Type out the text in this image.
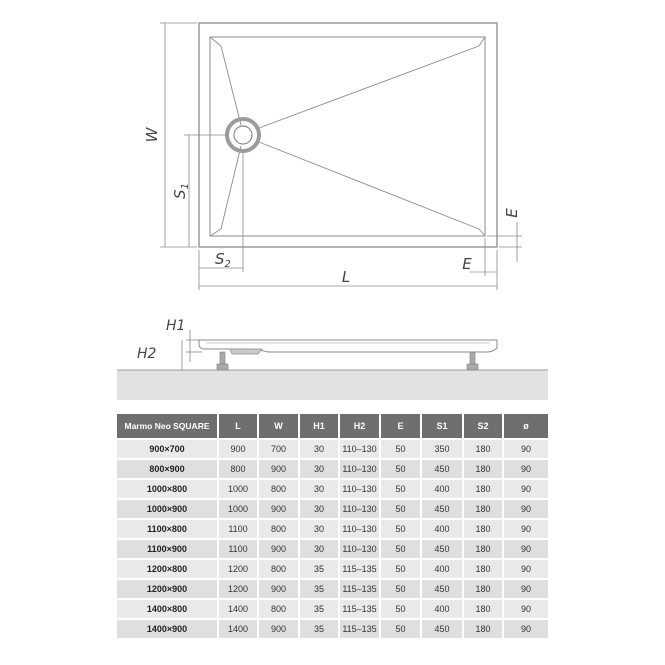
W
$S_1$
$S_2$
L
E
E
H1
H2
Marmo Neo SQUARE	L	W	H1	H2	E	S1	S2	ø
900×700	900	700	30	110–130	50	350	180	90
800×900	800	900	30	110–130	50	450	180	90
1000×800	1000	800	30	110–130	50	400	180	90
1000×900	1000	900	30	110–130	50	450	180	90
1100×800	1100	800	30	110–130	50	400	180	90
1100×900	1100	900	30	110–130	50	450	180	90
1200×800	1200	800	35	115–135	50	400	180	90
1200×900	1200	900	35	115–135	50	450	180	90
1400×800	1400	800	35	115–135	50	400	180	90
1400×900	1400	900	35	115–135	50	450	180	90
